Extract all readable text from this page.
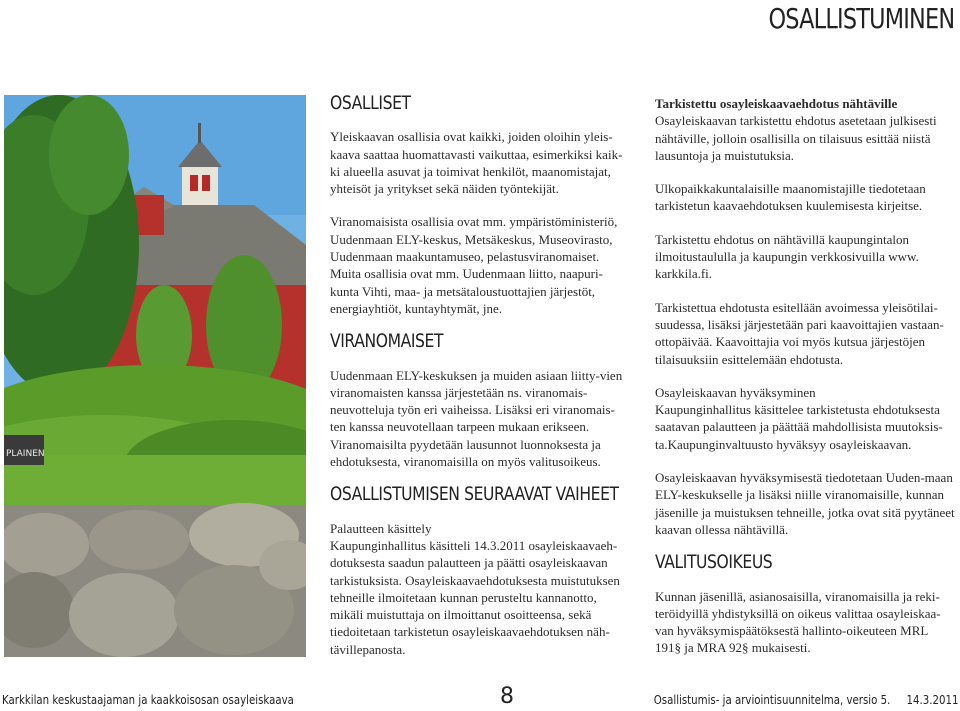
OSALLISTUMINEN
PLAINEN
OSALLISET

Yleiskaavan osallisia ovat kaikki, joiden oloihin yleis-kaava saattaa huomattavasti vaikuttaa, esimerkiksi kaik-ki alueella asuvat ja toimivat henkilöt, maanomistajat, yhteisöt ja yritykset sekä näiden työntekijät.

Viranomaisista osallisia ovat mm. ympäristöministeriö, Uudenmaan ELY-keskus, Metsäkeskus, Museovirasto, Uudenmaan maakuntamuseo, pelastusviranomaiset.

Muita osallisia ovat mm. Uudenmaan liitto, naapuri-kunta Vihti, maa- ja metsätaloustuottajien järjestöt, energiayhtiöt, kuntayhtymät, jne.

VIRANOMAISET

Uudenmaan ELY-keskuksen ja muiden asiaan liitty-vien viranomaisten kanssa järjestetään ns. viranomais-neuvotteluja työn eri vaiheissa. Lisäksi eri viranomais-ten kanssa neuvotellaan tarpeen mukaan erikseen.

Viranomaisilta pyydetään lausunnot luonnoksesta ja ehdotuksesta, viranomaisilla on myös valitusoikeus.

OSALLISTUMISEN SEURAAVAT VAIHEET

Palautteen käsittely
Kaupunginhallitus käsitteli 14.3.2011 osayleiskaavaeh-dotuksesta saadun palautteen ja päätti osayleiskaavan tarkistuksista. Osayleiskaavaehdotuksesta muistutuksen tehneille ilmoitetaan kunnan perusteltu kannanotto, mikäli muistuttaja on ilmoittanut osoitteensa, sekä tiedoitetaan tarkistetun osayleiskaavaehdotuksen näh-tävillepanosta.

Tarkistettu osayleiskaavaehdotus nähtäville
Osayleiskaavan tarkistettu ehdotus asetetaan julkisesti nähtäville, jolloin osallisilla on tilaisuus esittää niistä lausuntoja ja muistutuksia.

Ulkopaikkakuntalaisille maanomistajille tiedotetaan tarkistetun kaavaehdotuksen kuulemisesta kirjeitse.

Tarkistettu ehdotus on nähtävillä kaupungintalon ilmoitustaululla ja kaupungin verkkosivuilla www. karkkila.fi.

Tarkistettua ehdotusta esitellään avoimessa yleisötilai-suudessa, lisäksi järjestetään pari kaavoittajien vastaan-ottopäivää. Kaavoittajia voi myös kutsua järjestöjen tilaisuuksiin esittelemään ehdotusta.

Osayleiskaavan hyväksyminen
Kaupunginhallitus käsittelee tarkistetusta ehdotuksesta saatavan palautteen ja päättää mahdollisista muutoksis-ta.Kaupunginvaltuusto hyväksyy osayleiskaavan.

Osayleiskaavan hyväksymisestä tiedotetaan Uuden-maan ELY-keskukselle ja lisäksi niille viranomaisille, kunnan jäsenille ja muistuksen tehneille, jotka ovat sitä pyytäneet kaavan ollessa nähtävillä.

VALITUSOIKEUS

Kunnan jäsenillä, asianosaisilla, viranomaisilla ja reki-teröidyillä yhdistyksillä on oikeus valittaa osayleiskaa-van hyväksymispäätöksestä hallinto-oikeuteen MRL 191§ ja MRA 92§ mukaisesti.

Karkkilan keskustaajaman ja kaakkoisosan osayleiskaava	8	Osallistumis- ja arviointisuunnitelma, versio 5.     14.3.2011
